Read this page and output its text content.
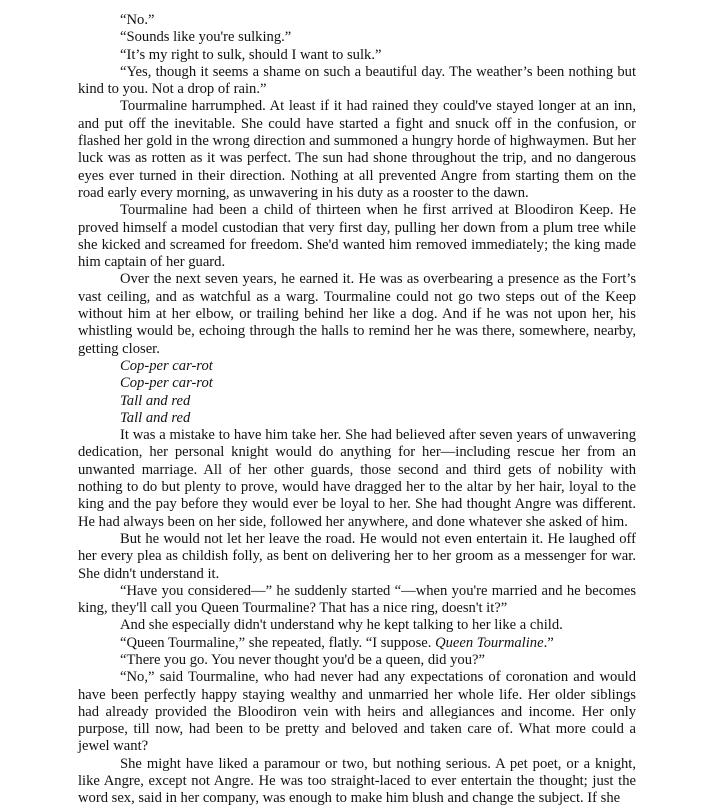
“No.”

“Sounds like you're sulking.”

“It’s my right to sulk, should I want to sulk.”

“Yes, though it seems a shame on such a beautiful day. The weather’s been nothing but kind to you. Not a drop of rain.”

Tourmaline harrumphed. At least if it had rained they could've stayed longer at an inn, and put off the inevitable. She could have started a fight and snuck off in the confusion, or flashed her gold in the wrong direction and summoned a hungry horde of highwaymen. But her luck was as rotten as it was perfect. The sun had shone throughout the trip, and no dangerous eyes ever turned in their direction. Nothing at all prevented Angre from starting them on the road early every morning, as unwavering in his duty as a rooster to the dawn.

Tourmaline had been a child of thirteen when he first arrived at Bloodiron Keep. He proved himself a model custodian that very first day, pulling her down from a plum tree while she kicked and screamed for freedom. She'd wanted him removed immediately; the king made him captain of her guard.

Over the next seven years, he earned it. He was as overbearing a presence as the Fort’s vast ceiling, and as watchful as a warg. Tourmaline could not go two steps out of the Keep without him at her elbow, or trailing behind her like a dog. And if he was not upon her, his whistling would be, echoing through the halls to remind her he was there, somewhere, nearby, getting closer.

Cop-per car-rot

Cop-per car-rot

Tall and red

Tall and red

It was a mistake to have him take her. She had believed after seven years of unwavering dedication, her personal knight would do anything for her—including rescue her from an unwanted marriage. All of her other guards, those second and third gets of nobility with nothing to do but plenty to prove, would have dragged her to the altar by her hair, loyal to the king and the pay before they would ever be loyal to her. She had thought Angre was different. He had always been on her side, followed her anywhere, and done whatever she asked of him.

But he would not let her leave the road. He would not even entertain it. He laughed off her every plea as childish folly, as bent on delivering her to her groom as a messenger for war. She didn't understand it.

“Have you considered—” he suddenly started “—when you're married and he becomes king, they'll call you Queen Tourmaline? That has a nice ring, doesn't it?”

And she especially didn't understand why he kept talking to her like a child.

“Queen Tourmaline,” she repeated, flatly. “I suppose. Queen Tourmaline.”

“There you go. You never thought you'd be a queen, did you?”

“No,” said Tourmaline, who had never had any expectations of coronation and would have been perfectly happy staying wealthy and unmarried her whole life. Her older siblings had already provided the Bloodiron vein with heirs and allegiances and income. Her only purpose, till now, had been to be pretty and beloved and taken care of. What more could a jewel want?

She might have liked a paramour or two, but nothing serious. A pet poet, or a knight, like Angre, except not Angre. He was too straight-laced to ever entertain the thought; just the word sex, said in her company, was enough to make him blush and change the subject. If she
